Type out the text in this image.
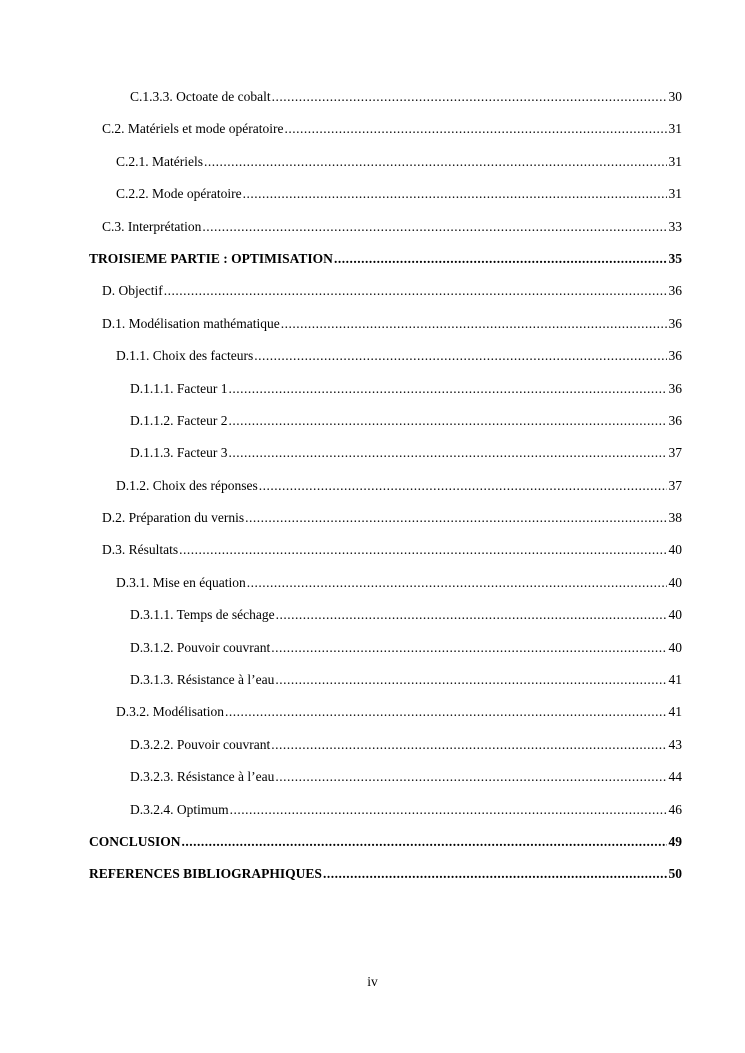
C.1.3.3. Octoate de cobalt .....	30
C.2. Matériels et mode opératoire .....	31
C.2.1. Matériels .....	31
C.2.2. Mode opératoire .....	31
C.3. Interprétation .....	33
TROISIEME PARTIE : OPTIMISATION .....	35
D. Objectif .....	36
D.1. Modélisation mathématique .....	36
D.1.1. Choix des facteurs .....	36
D.1.1.1. Facteur 1 .....	36
D.1.1.2. Facteur 2 .....	36
D.1.1.3. Facteur 3 .....	37
D.1.2. Choix des réponses .....	37
D.2. Préparation du vernis .....	38
D.3. Résultats .....	40
D.3.1. Mise en équation .....	40
D.3.1.1. Temps de séchage .....	40
D.3.1.2. Pouvoir couvrant .....	40
D.3.1.3. Résistance à l’eau .....	41
D.3.2. Modélisation .....	41
D.3.2.2. Pouvoir couvrant .....	43
D.3.2.3. Résistance à l’eau .....	44
D.3.2.4. Optimum .....	46
CONCLUSION .....	49
REFERENCES BIBLIOGRAPHIQUES .....	50
iv
